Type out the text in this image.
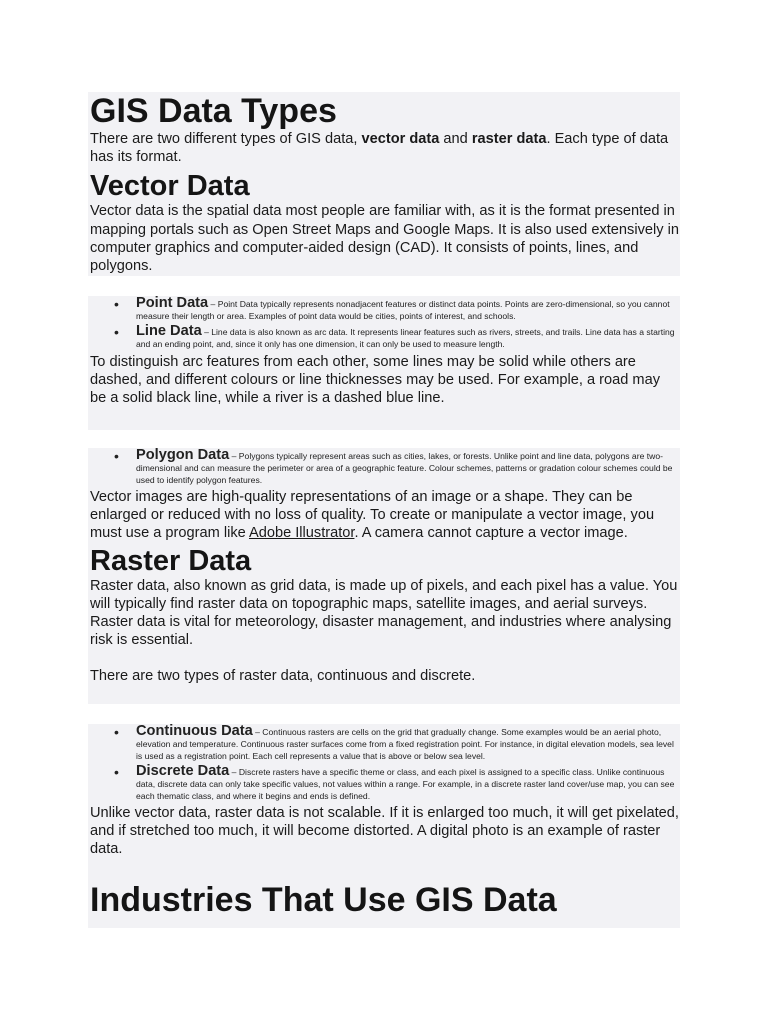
GIS Data Types
There are two different types of GIS data, vector data and raster data. Each type of data has its format.
Vector Data
Vector data is the spatial data most people are familiar with, as it is the format presented in mapping portals such as Open Street Maps and Google Maps. It is also used extensively in computer graphics and computer-aided design (CAD). It consists of points, lines, and polygons.
• Point Data – Point Data typically represents nonadjacent features or distinct data points. Points are zero-dimensional, so you cannot measure their length or area. Examples of point data would be cities, points of interest, and schools.
• Line Data – Line data is also known as arc data. It represents linear features such as rivers, streets, and trails. Line data has a starting and an ending point, and, since it only has one dimension, it can only be used to measure length.
To distinguish arc features from each other, some lines may be solid while others are dashed, and different colours or line thicknesses may be used. For example, a road may be a solid black line, while a river is a dashed blue line.
• Polygon Data – Polygons typically represent areas such as cities, lakes, or forests. Unlike point and line data, polygons are two-dimensional and can measure the perimeter or area of a geographic feature. Colour schemes, patterns or gradation colour schemes could be used to identify polygon features.
Vector images are high-quality representations of an image or a shape. They can be enlarged or reduced with no loss of quality. To create or manipulate a vector image, you must use a program like Adobe Illustrator. A camera cannot capture a vector image.
Raster Data
Raster data, also known as grid data, is made up of pixels, and each pixel has a value. You will typically find raster data on topographic maps, satellite images, and aerial surveys. Raster data is vital for meteorology, disaster management, and industries where analysing risk is essential.
There are two types of raster data, continuous and discrete.
• Continuous Data – Continuous rasters are cells on the grid that gradually change. Some examples would be an aerial photo, elevation and temperature. Continuous raster surfaces come from a fixed registration point. For instance, in digital elevation models, sea level is used as a registration point. Each cell represents a value that is above or below sea level.
• Discrete Data – Discrete rasters have a specific theme or class, and each pixel is assigned to a specific class. Unlike continuous data, discrete data can only take specific values, not values within a range. For example, in a discrete raster land cover/use map, you can see each thematic class, and where it begins and ends is defined.
Unlike vector data, raster data is not scalable. If it is enlarged too much, it will get pixelated, and if stretched too much, it will become distorted. A digital photo is an example of raster data.
Industries That Use GIS Data
